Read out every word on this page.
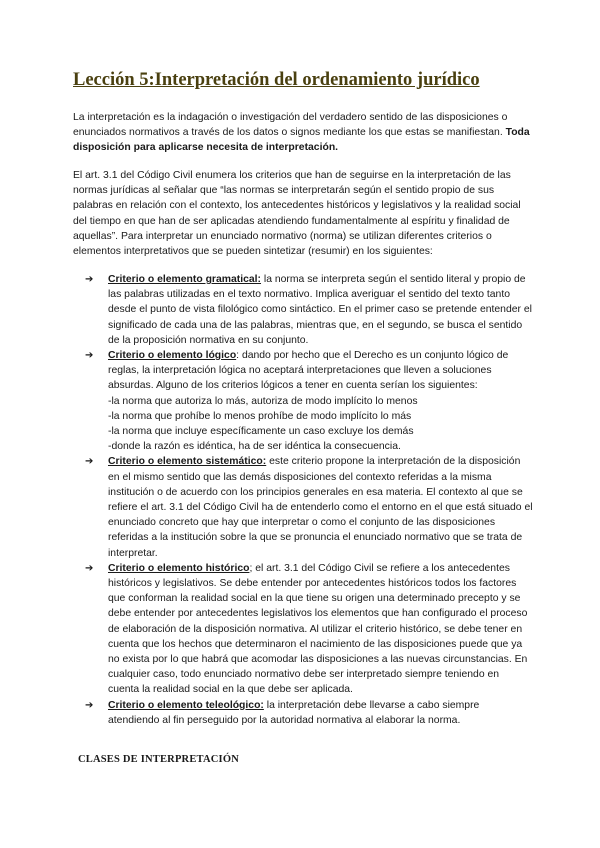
Lección 5:Interpretación del ordenamiento jurídico

La interpretación es la indagación o investigación del verdadero sentido de las disposiciones o enunciados normativos a través de los datos o signos mediante los que estas se manifiestan. Toda disposición para aplicarse necesita de interpretación.

El art. 3.1 del Código Civil enumera los criterios que han de seguirse en la interpretación de las normas jurídicas al señalar que “las normas se interpretarán según el sentido propio de sus palabras en relación con el contexto, los antecedentes históricos y legislativos y la realidad social del tiempo en que han de ser aplicadas atendiendo fundamentalmente al espíritu y finalidad de aquellas”. Para interpretar un enunciado normativo (norma) se utilizan diferentes criterios o elementos interpretativos que se pueden sintetizar (resumir) en los siguientes:

➔	Criterio o elemento gramatical: la norma se interpreta según el sentido literal y propio de las palabras utilizadas en el texto normativo. Implica averiguar el sentido del texto tanto desde el punto de vista filológico como sintáctico. En el primer caso se pretende entender el significado de cada una de las palabras, mientras que, en el segundo, se busca el sentido de la proposición normativa en su conjunto.
➔	Criterio o elemento lógico: dando por hecho que el Derecho es un conjunto lógico de reglas, la interpretación lógica no aceptará interpretaciones que lleven a soluciones absurdas. Alguno de los criterios lógicos a tener en cuenta serían los siguientes:
-la norma que autoriza lo más, autoriza de modo implícito lo menos
-la norma que prohíbe lo menos prohíbe de modo implícito lo más
-la norma que incluye específicamente un caso excluye los demás
-donde la razón es idéntica, ha de ser idéntica la consecuencia.
➔	Criterio o elemento sistemático: este criterio propone la interpretación de la disposición en el mismo sentido que las demás disposiciones del contexto referidas a la misma institución o de acuerdo con los principios generales en esa materia. El contexto al que se refiere el art. 3.1 del Código Civil ha de entenderlo como el entorno en el que está situado el enunciado concreto que hay que interpretar o como el conjunto de las disposiciones referidas a la institución sobre la que se pronuncia el enunciado normativo que se trata de interpretar.
➔	Criterio o elemento histórico; el art. 3.1 del Código Civil se refiere a los antecedentes históricos y legislativos. Se debe entender por antecedentes históricos todos los factores que conforman la realidad social en la que tiene su origen una determinado precepto y se debe entender por antecedentes legislativos los elementos que han configurado el proceso de elaboración de la disposición normativa. Al utilizar el criterio histórico, se debe tener en cuenta que los hechos que determinaron el nacimiento de las disposiciones puede que ya no exista por lo que habrá que acomodar las disposiciones a las nuevas circunstancias. En cualquier caso, todo enunciado normativo debe ser interpretado siempre teniendo en cuenta la realidad social en la que debe ser aplicada.
➔	Criterio o elemento teleológico: la interpretación debe llevarse a cabo siempre atendiendo al fin perseguido por la autoridad normativa al elaborar la norma.
CLASES DE INTERPRETACIÓN
